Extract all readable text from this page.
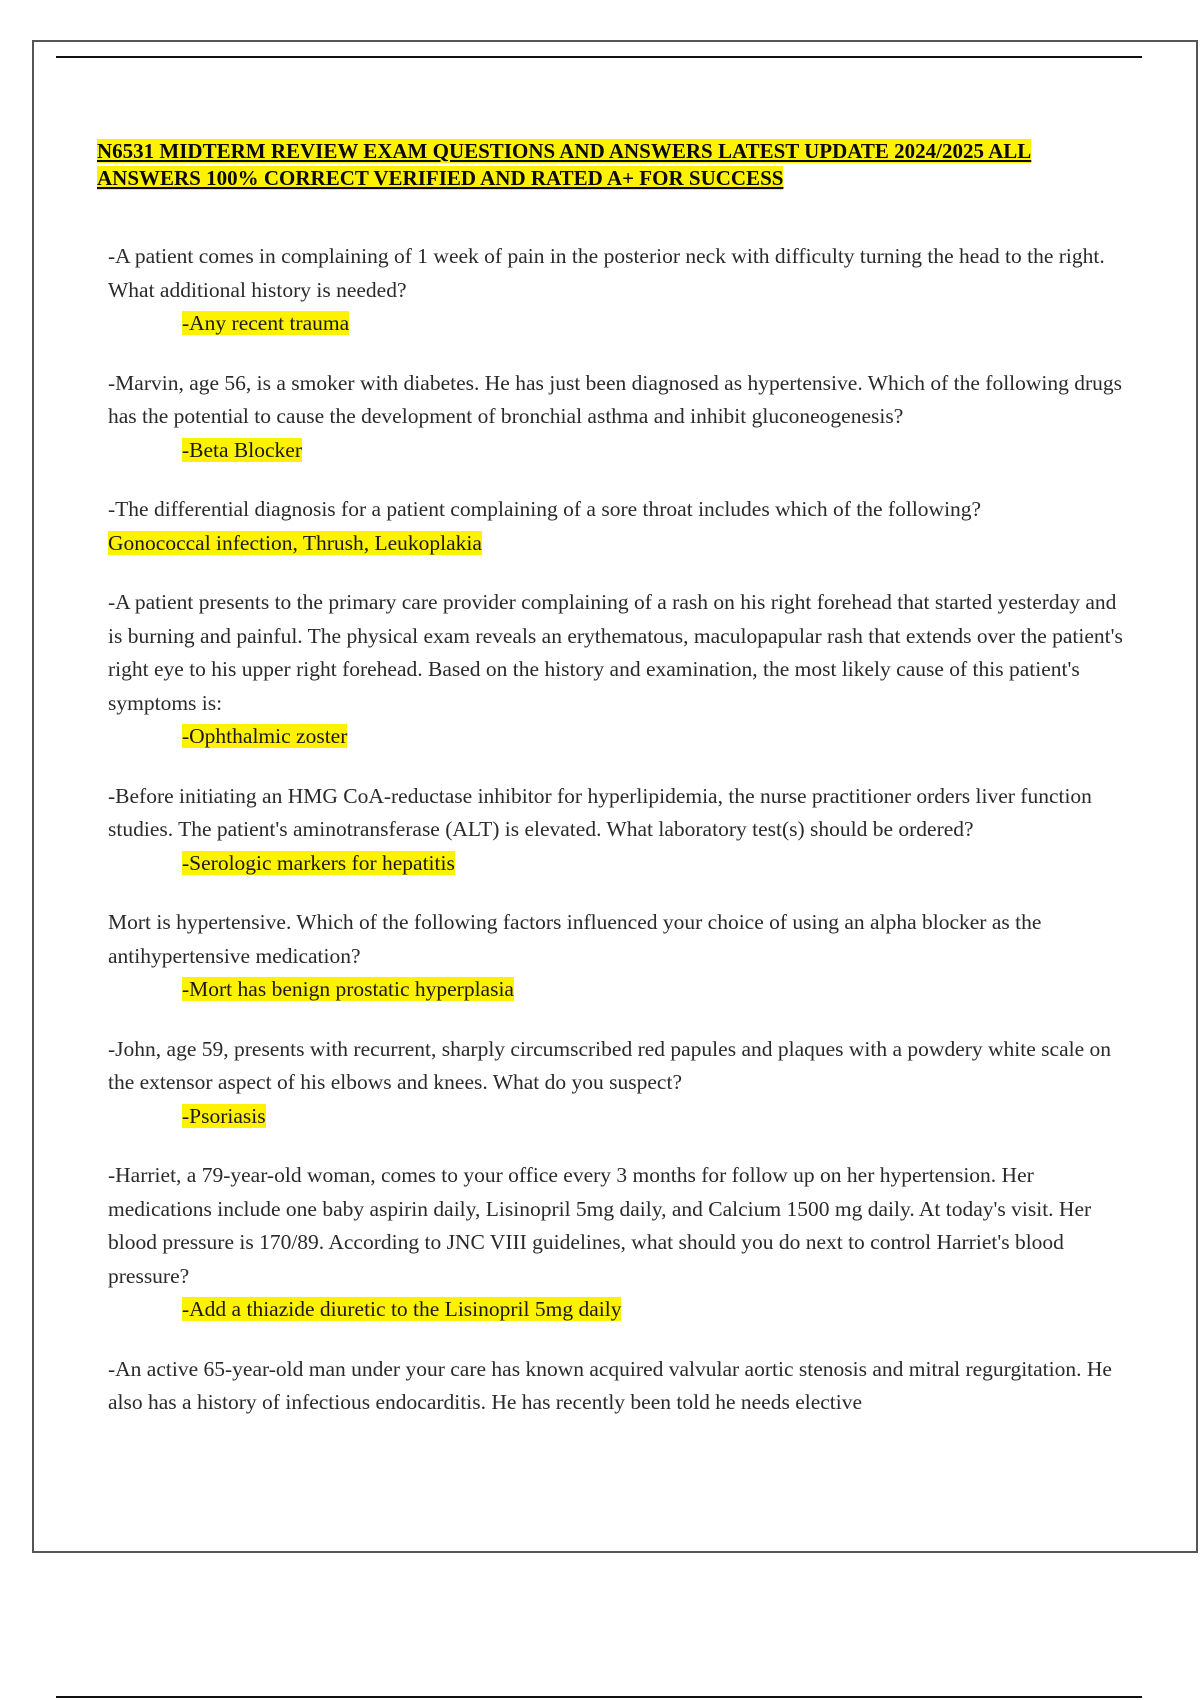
N6531 MIDTERM REVIEW EXAM QUESTIONS AND ANSWERS LATEST UPDATE 2024/2025 ALL ANSWERS 100% CORRECT VERIFIED AND RATED A+ FOR SUCCESS
-A patient comes in complaining of 1 week of pain in the posterior neck with difficulty turning the head to the right. What additional history is needed?
-Any recent trauma
-Marvin, age 56, is a smoker with diabetes. He has just been diagnosed as hypertensive. Which of the following drugs has the potential to cause the development of bronchial asthma and inhibit gluconeogenesis?
-Beta Blocker
-The differential diagnosis for a patient complaining of a sore throat includes which of the following?
Gonococcal infection, Thrush, Leukoplakia
-A patient presents to the primary care provider complaining of a rash on his right forehead that started yesterday and is burning and painful. The physical exam reveals an erythematous, maculopapular rash that extends over the patient's right eye to his upper right forehead. Based on the history and examination, the most likely cause of this patient's symptoms is:
-Ophthalmic zoster
-Before initiating an HMG CoA-reductase inhibitor for hyperlipidemia, the nurse practitioner orders liver function studies. The patient's aminotransferase (ALT) is elevated. What laboratory test(s) should be ordered?
-Serologic markers for hepatitis
Mort is hypertensive. Which of the following factors influenced your choice of using an alpha blocker as the antihypertensive medication?
-Mort has benign prostatic hyperplasia
-John, age 59, presents with recurrent, sharply circumscribed red papules and plaques with a powdery white scale on the extensor aspect of his elbows and knees. What do you suspect?
-Psoriasis
-Harriet, a 79-year-old woman, comes to your office every 3 months for follow up on her hypertension. Her medications include one baby aspirin daily, Lisinopril 5mg daily, and Calcium 1500 mg daily. At today's visit. Her blood pressure is 170/89. According to JNC VIII guidelines, what should you do next to control Harriet's blood pressure?
-Add a thiazide diuretic to the Lisinopril 5mg daily
-An active 65-year-old man under your care has known acquired valvular aortic stenosis and mitral regurgitation. He also has a history of infectious endocarditis. He has recently been told he needs elective
